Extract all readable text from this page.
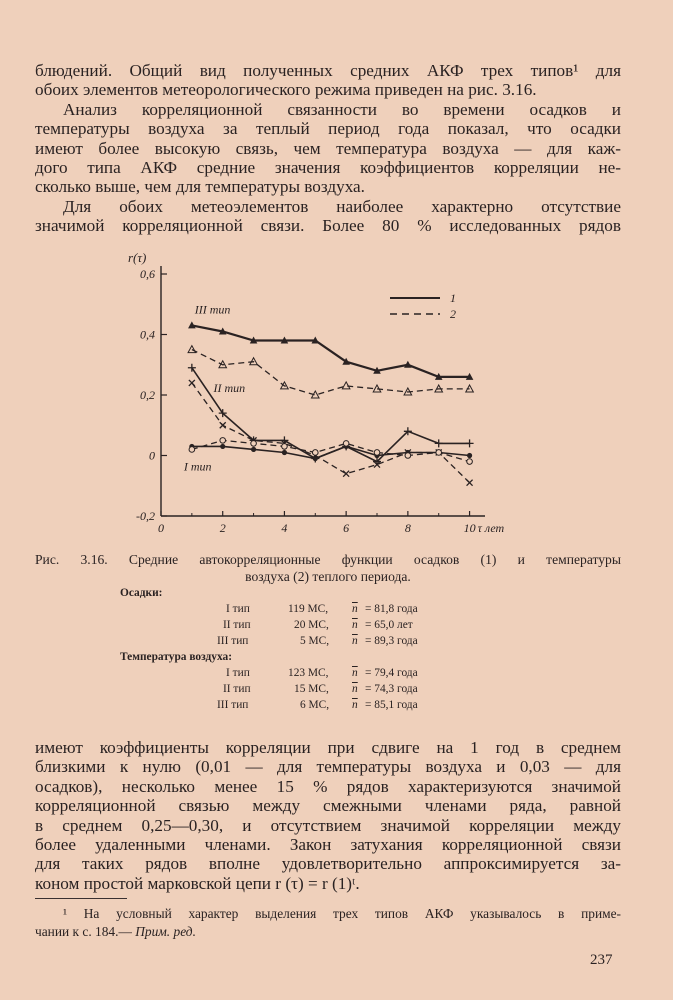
блюдений. Общий вид полученных средних АКФ трех типов¹ для
обоих элементов метеорологического режима приведен на рис. 3.16.
Анализ корреляционной связанности во времени осадков и
температуры воздуха за теплый период года показал, что осадки
имеют более высокую связь, чем температура воздуха — для каж-
дого типа АКФ средние значения коэффициентов корреляции не-
сколько выше, чем для температуры воздуха.
Для обоих метеоэлементов наиболее характерно отсутствие
значимой корреляционной связи. Более 80 % исследованных рядов
-0,2
0
0,2
0,4
0,6
0	2	4	6	8	10
r(τ)
τ лет
1
2
III тип
II тип
I тип
Рис. 3.16. Средние автокорреляционные функции осадков (1) и температуры
воздуха (2) теплого периода.
Осадки:
I тип	119 МС, $\overline{n} = 81,8$ года
II тип	20 МС, $\overline{n} = 65,0$ лет
III тип	5 МС, $\overline{n} = 89,3$ года
Температура воздуха:
I тип	123 МС, $\overline{n} = 79,4$ года
II тип	15 МС, $\overline{n} = 74,3$ года
III тип	6 МС, $\overline{n} = 85,1$ года
имеют коэффициенты корреляции при сдвиге на 1 год в среднем
близкими к нулю (0,01 — для температуры воздуха и 0,03 — для
осадков), несколько менее 15 % рядов характеризуются значимой
корреляционной связью между смежными членами ряда, равной
в среднем 0,25—0,30, и отсутствием значимой корреляции между
более удаленными членами. Закон затухания корреляционной связи
для таких рядов вполне удовлетворительно аппроксимируется за-
коном простой марковской цепи r (τ) = r (1)ᵗ.
¹ На условный характер выделения трех типов АКФ указывалось в приме-
чании к с. 184.— Прим. ред.
237
